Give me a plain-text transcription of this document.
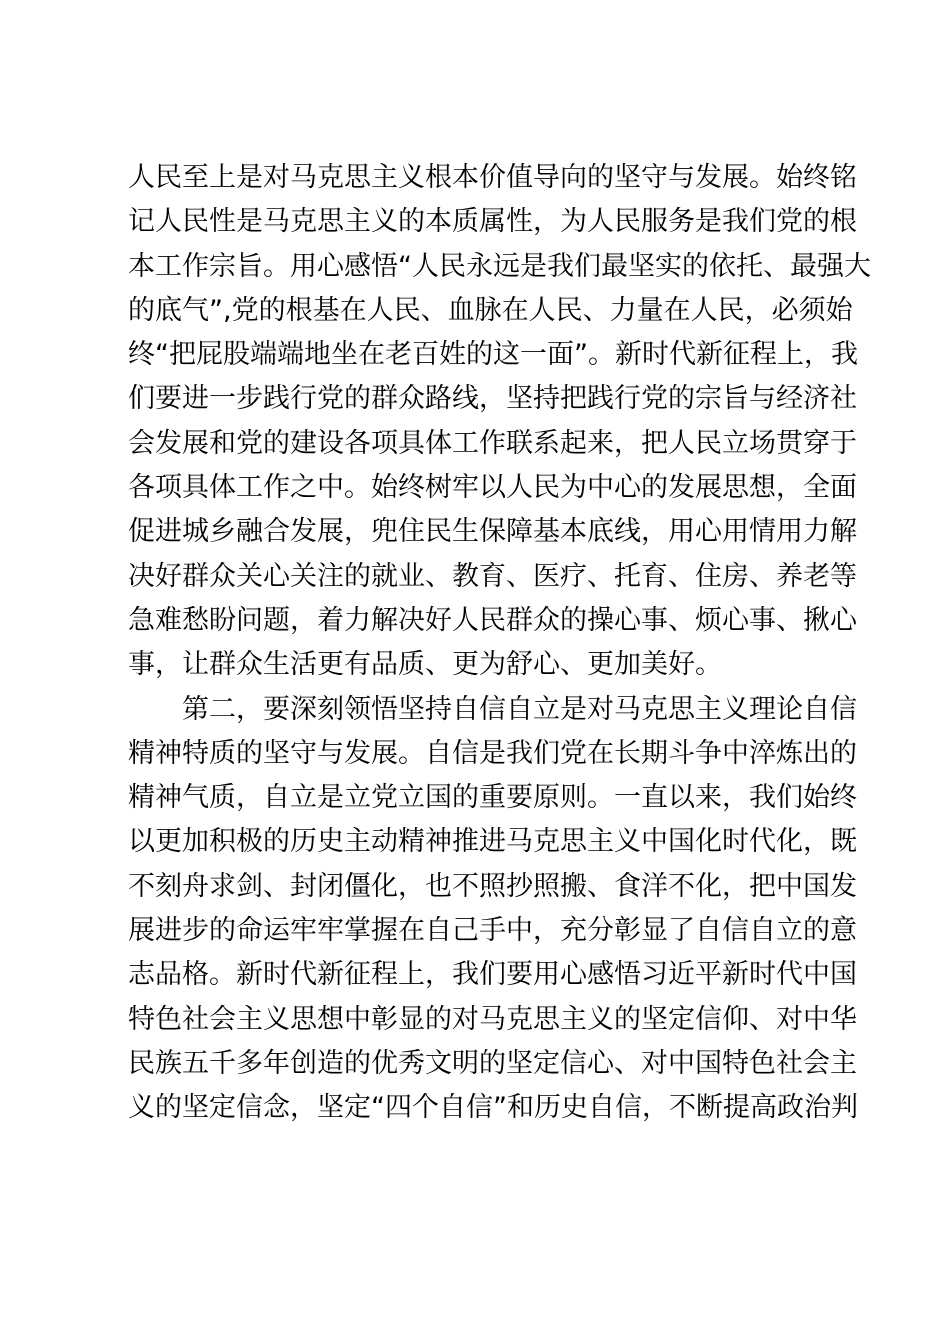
人民至上是对马克思主义根本价值导向的坚守与发展。始终铭
记人民性是马克思主义的本质属性，为人民服务是我们党的根
本工作宗旨。用心感悟“人民永远是我们最坚实的依托、最强大
的底气”,党的根基在人民、血脉在人民、力量在人民，必须始
终“把屁股端端地坐在老百姓的这一面”。新时代新征程上，我
们要进一步践行党的群众路线，坚持把践行党的宗旨与经济社
会发展和党的建设各项具体工作联系起来，把人民立场贯穿于
各项具体工作之中。始终树牢以人民为中心的发展思想，全面
促进城乡融合发展，兜住民生保障基本底线，用心用情用力解
决好群众关心关注的就业、教育、医疗、托育、住房、养老等
急难愁盼问题，着力解决好人民群众的操心事、烦心事、揪心
事，让群众生活更有品质、更为舒心、更加美好。
第二，要深刻领悟坚持自信自立是对马克思主义理论自信
精神特质的坚守与发展。自信是我们党在长期斗争中淬炼出的
精神气质，自立是立党立国的重要原则。一直以来，我们始终
以更加积极的历史主动精神推进马克思主义中国化时代化，既
不刻舟求剑、封闭僵化，也不照抄照搬、食洋不化，把中国发
展进步的命运牢牢掌握在自己手中，充分彰显了自信自立的意
志品格。新时代新征程上，我们要用心感悟习近平新时代中国
特色社会主义思想中彰显的对马克思主义的坚定信仰、对中华
民族五千多年创造的优秀文明的坚定信心、对中国特色社会主
义的坚定信念，坚定“四个自信”和历史自信，不断提高政治判
